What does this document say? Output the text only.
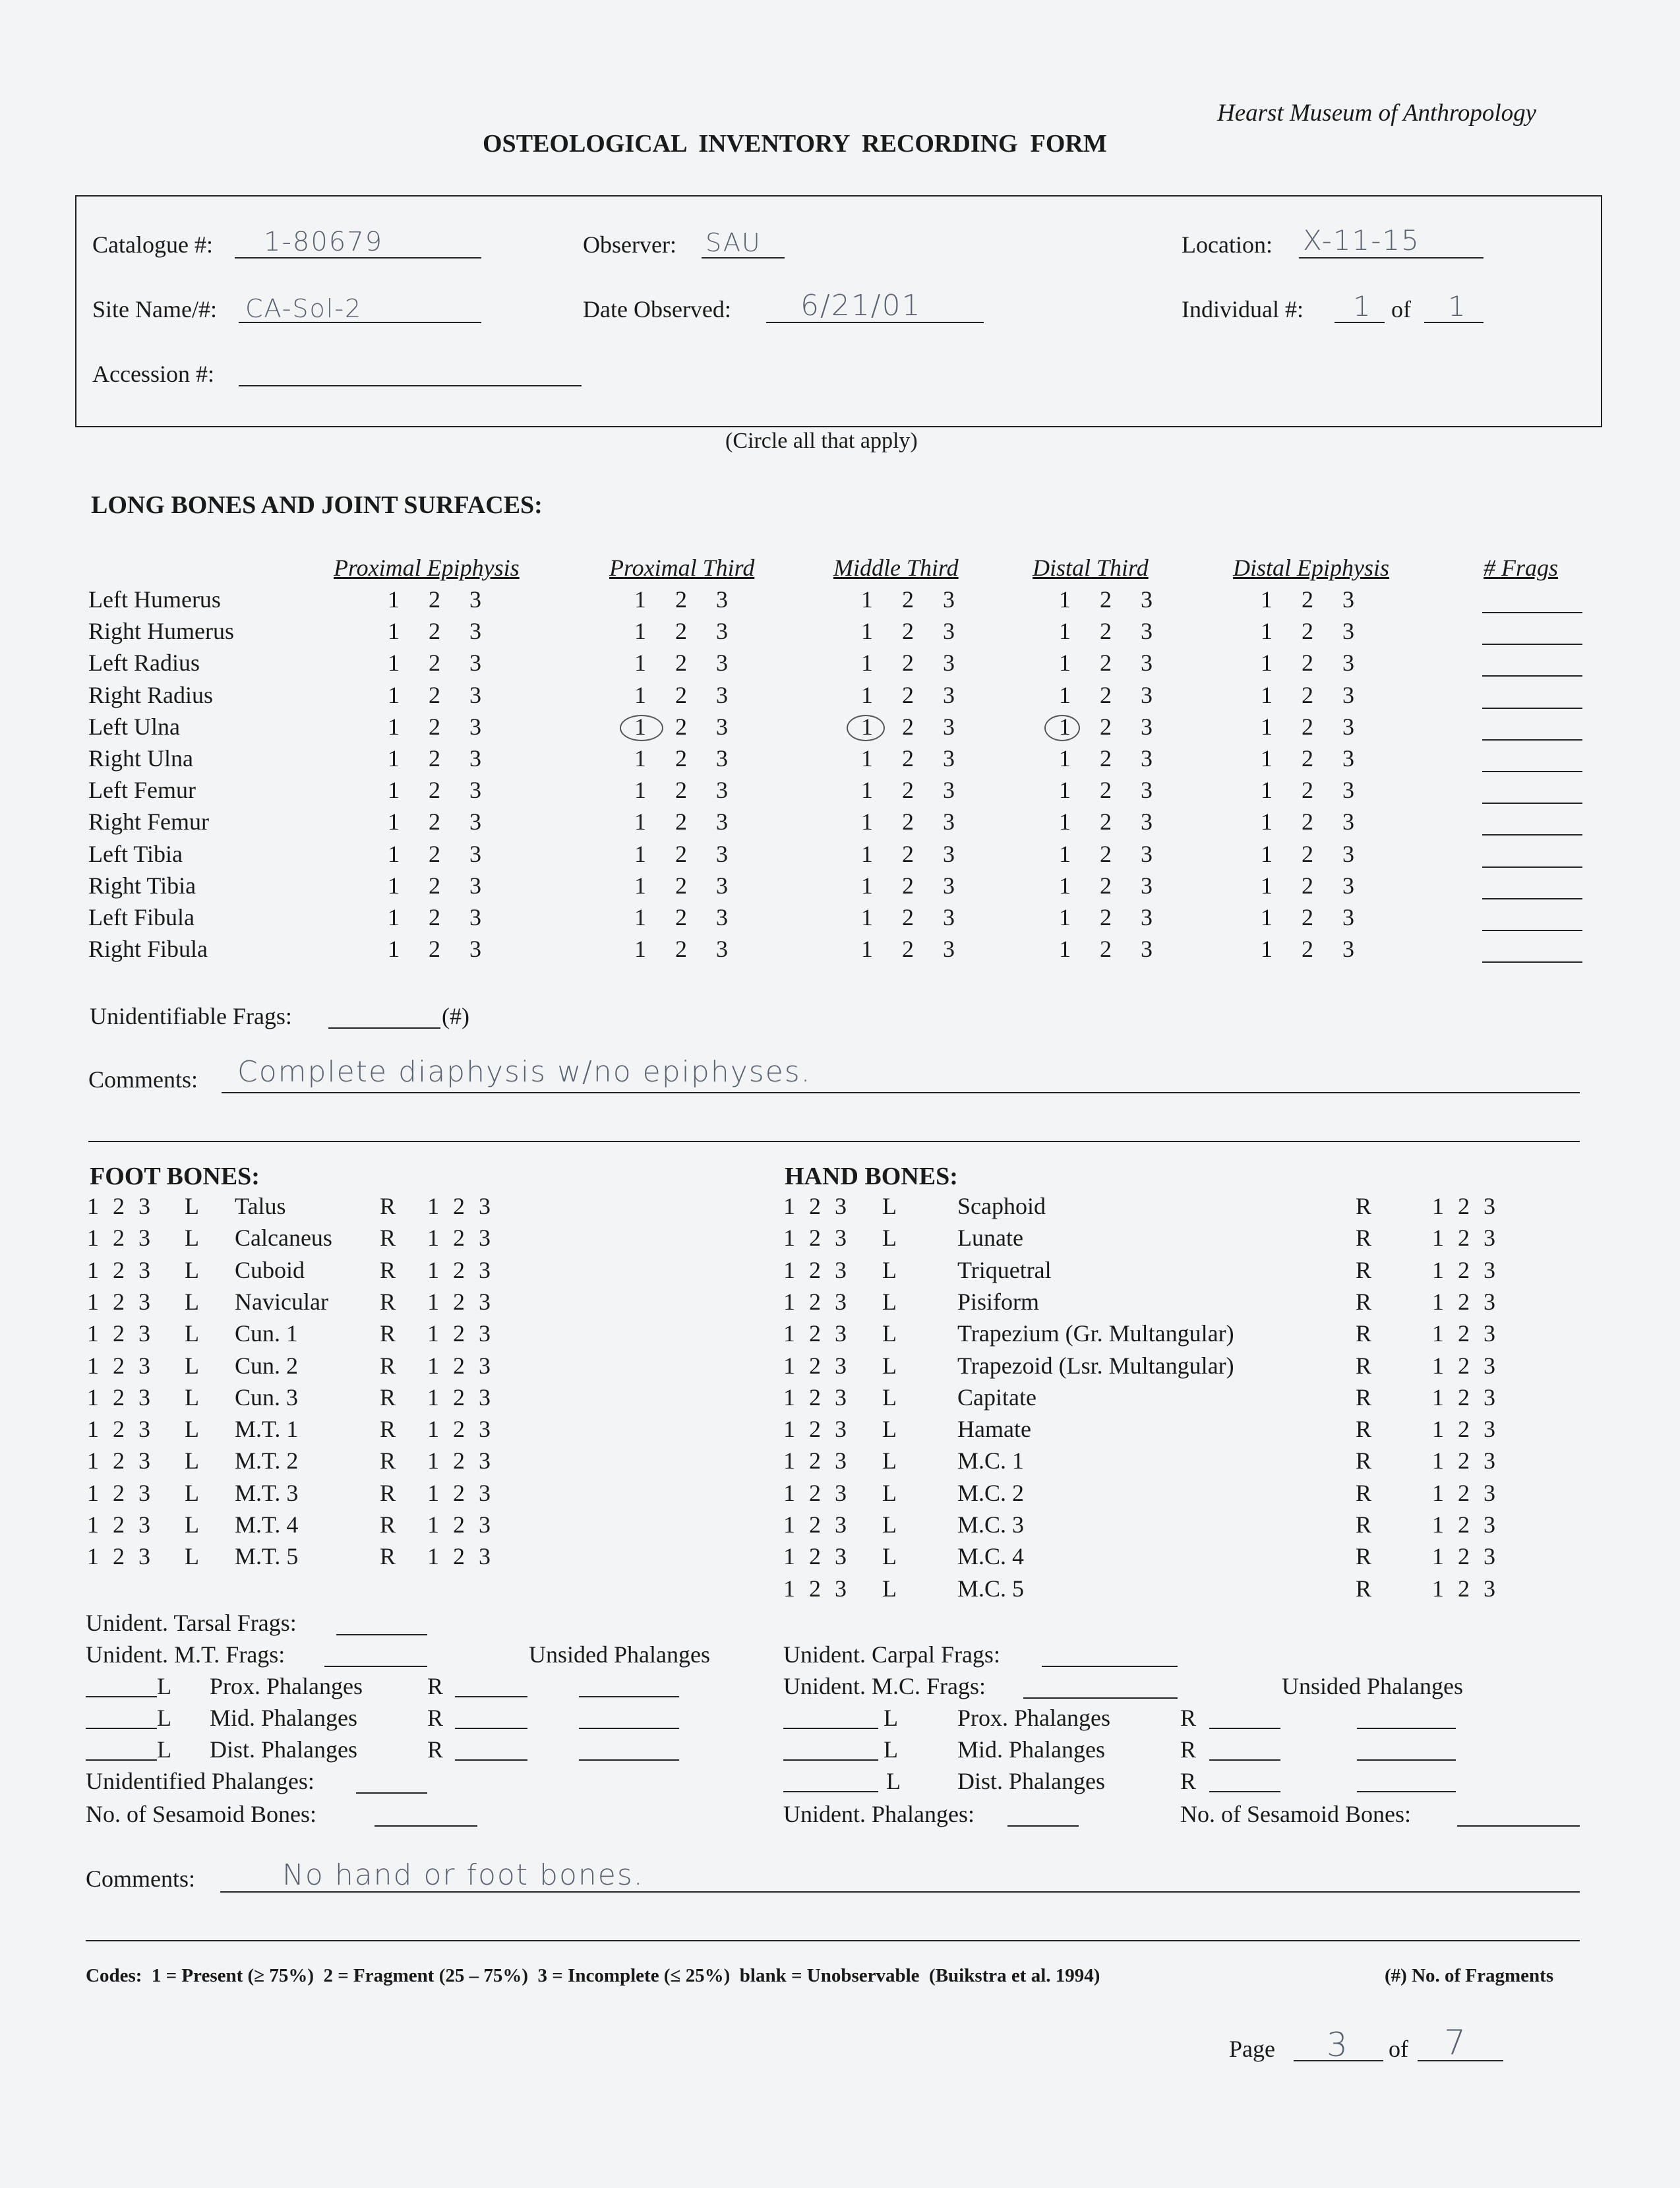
Hearst Museum of Anthropology
OSTEOLOGICAL  INVENTORY  RECORDING  FORM
Catalogue #: 1-80679	Observer: SAU	Location: X-11-15
Site Name/#: CA-Sol-2	Date Observed: 6/21/01	Individual #: 1 of 1
Accession #:
(Circle all that apply)
LONG BONES AND JOINT SURFACES:
Proximal Epiphysis	Proximal Third	Middle Third	Distal Third	Distal Epiphysis	# Frags
Left Humerus	1 2 3	1 2 3	1 2 3	1 2 3	1 2 3
Right Humerus	1 2 3	1 2 3	1 2 3	1 2 3	1 2 3
Left Radius	1 2 3	1 2 3	1 2 3	1 2 3	1 2 3
Right Radius	1 2 3	1 2 3	1 2 3	1 2 3	1 2 3
Left Ulna	1 2 3	1 2 3	1 2 3	1 2 3	1 2 3
Right Ulna	1 2 3	1 2 3	1 2 3	1 2 3	1 2 3
Left Femur	1 2 3	1 2 3	1 2 3	1 2 3	1 2 3
Right Femur	1 2 3	1 2 3	1 2 3	1 2 3	1 2 3
Left Tibia	1 2 3	1 2 3	1 2 3	1 2 3	1 2 3
Right Tibia	1 2 3	1 2 3	1 2 3	1 2 3	1 2 3
Left Fibula	1 2 3	1 2 3	1 2 3	1 2 3	1 2 3
Right Fibula	1 2 3	1 2 3	1 2 3	1 2 3	1 2 3
Unidentifiable Frags:	(#)
Comments: Complete diaphysis w/no epiphyses.
FOOT BONES:	HAND BONES:
1 2 3 L Talus	R 1 2 3
1 2 3 L Calcaneus R 1 2 3
1 2 3 L Cuboid	R 1 2 3
1 2 3 L Navicular R 1 2 3
1 2 3 L Cun. 1	R 1 2 3
1 2 3 L Cun. 2	R 1 2 3
1 2 3 L Cun. 3	R 1 2 3
1 2 3 L M.T. 1	R 1 2 3
1 2 3 L M.T. 2	R 1 2 3
1 2 3 L M.T. 3	R 1 2 3
1 2 3 L M.T. 4	R 1 2 3
1 2 3 L M.T. 5	R 1 2 3
1 2 3 L	Scaphoid	R	1 2 3
1 2 3 L	Lunate	R	1 2 3
1 2 3 L	Triquetral	R	1 2 3
1 2 3 L	Pisiform	R	1 2 3
1 2 3 L	Trapezium (Gr. Multangular)	R	1 2 3
1 2 3 L	Trapezoid (Lsr. Multangular)	R	1 2 3
1 2 3 L	Capitate	R	1 2 3
1 2 3 L	Hamate	R	1 2 3
1 2 3 L	M.C. 1	R	1 2 3
1 2 3 L	M.C. 2	R	1 2 3
1 2 3 L	M.C. 3	R	1 2 3
1 2 3 L	M.C. 4	R	1 2 3
1 2 3 L	M.C. 5	R	1 2 3
Unident. Tarsal Frags:
Unident. M.T. Frags:	Unsided Phalanges
L Prox. Phalanges	R
L Mid. Phalanges	R
L Dist. Phalanges	R
Unidentified Phalanges:
No. of Sesamoid Bones:
Unident. Carpal Frags:
Unident. M.C. Frags:	Unsided Phalanges
L	Prox. Phalanges	R
L	Mid. Phalanges	R
L Dist. Phalanges	R
Unident. Phalanges:	No. of Sesamoid Bones:
Comments:	No hand or foot bones.
Codes:  1 = Present (≥ 75%)  2 = Fragment (25 – 75%)  3 = Incomplete (≤ 25%)  blank = Unobservable  (Buikstra et al. 1994)	(#) No. of Fragments
Page 3 of 7
